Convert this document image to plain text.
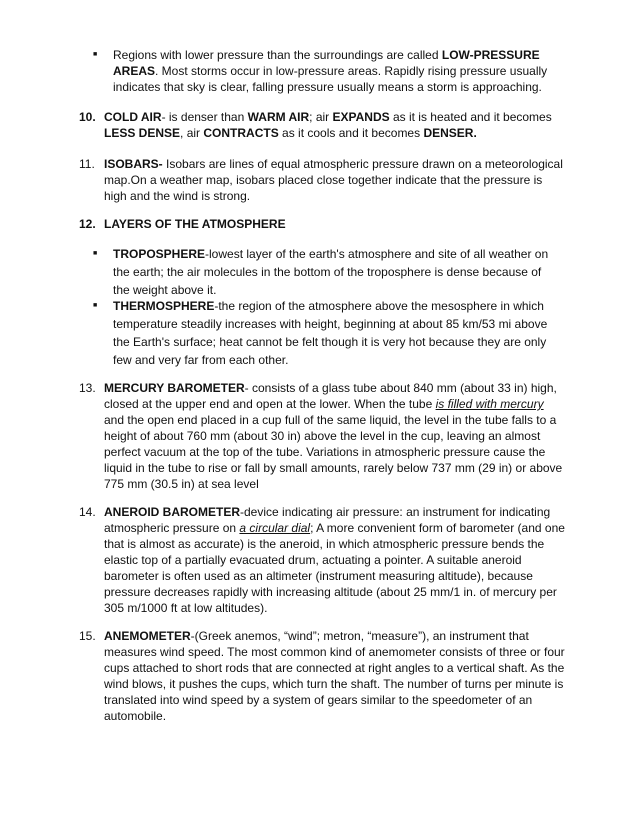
■ Regions with lower pressure than the surroundings are called LOW-PRESSURE AREAS. Most storms occur in low-pressure areas. Rapidly rising pressure usually indicates that sky is clear, falling pressure usually means a storm is approaching.
10. COLD AIR- is denser than WARM AIR; air EXPANDS as it is heated and it becomes LESS DENSE, air CONTRACTS as it cools and it becomes DENSER.
11. ISOBARS- Isobars are lines of equal atmospheric pressure drawn on a meteorological map.On a weather map, isobars placed close together indicate that the pressure is high and the wind is strong.
12. LAYERS OF THE ATMOSPHERE
■ TROPOSPHERE-lowest layer of the earth's atmosphere and site of all weather on the earth; the air molecules in the bottom of the troposphere is dense because of the weight above it.
■ THERMOSPHERE-the region of the atmosphere above the mesosphere in which temperature steadily increases with height, beginning at about 85 km/53 mi above the Earth's surface; heat cannot be felt though it is very hot because they are only few and very far from each other.
13. MERCURY BAROMETER- consists of a glass tube about 840 mm (about 33 in) high, closed at the upper end and open at the lower. When the tube is filled with mercury and the open end placed in a cup full of the same liquid, the level in the tube falls to a height of about 760 mm (about 30 in) above the level in the cup, leaving an almost perfect vacuum at the top of the tube. Variations in atmospheric pressure cause the liquid in the tube to rise or fall by small amounts, rarely below 737 mm (29 in) or above 775 mm (30.5 in) at sea level
14. ANEROID BAROMETER-device indicating air pressure: an instrument for indicating atmospheric pressure on a circular dial; A more convenient form of barometer (and one that is almost as accurate) is the aneroid, in which atmospheric pressure bends the elastic top of a partially evacuated drum, actuating a pointer. A suitable aneroid barometer is often used as an altimeter (instrument measuring altitude), because pressure decreases rapidly with increasing altitude (about 25 mm/1 in. of mercury per 305 m/1000 ft at low altitudes).
15. ANEMOMETER-(Greek anemos, “wind”; metron, “measure”), an instrument that measures wind speed. The most common kind of anemometer consists of three or four cups attached to short rods that are connected at right angles to a vertical shaft. As the wind blows, it pushes the cups, which turn the shaft. The number of turns per minute is translated into wind speed by a system of gears similar to the speedometer of an automobile.
